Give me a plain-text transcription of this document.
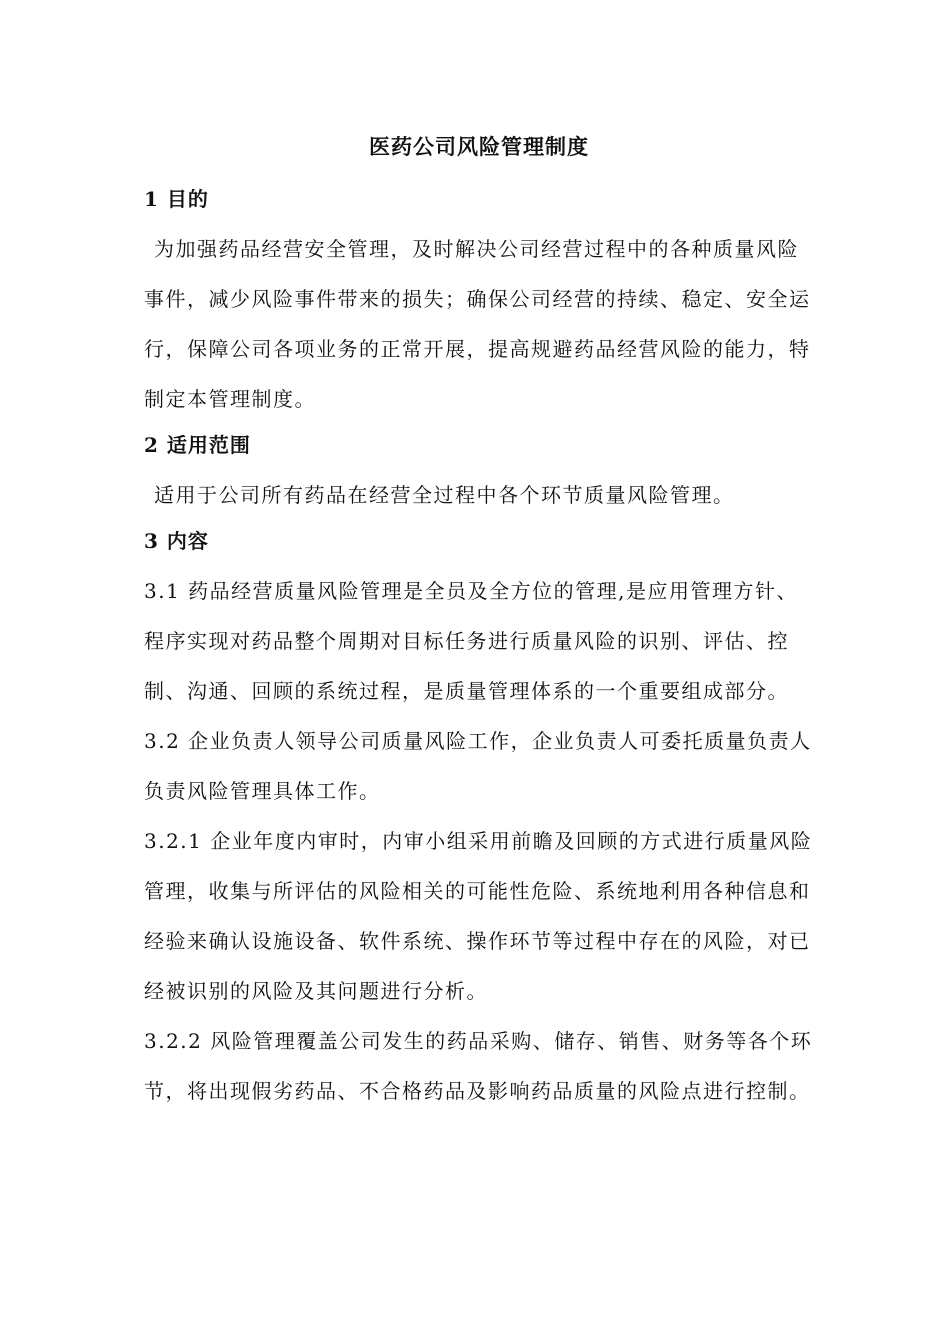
医药公司风险管理制度
1 目的

为加强药品经营安全管理，及时解决公司经营过程中的各种质量风险事件，减少风险事件带来的损失；确保公司经营的持续、稳定、安全运行，保障公司各项业务的正常开展，提高规避药品经营风险的能力，特制定本管理制度。

2 适用范围

适用于公司所有药品在经营全过程中各个环节质量风险管理。

3 内容

3.1 药品经营质量风险管理是全员及全方位的管理,是应用管理方针、程序实现对药品整个周期对目标任务进行质量风险的识别、评估、控制、沟通、回顾的系统过程，是质量管理体系的一个重要组成部分。

3.2 企业负责人领导公司质量风险工作，企业负责人可委托质量负责人负责风险管理具体工作。

3.2.1 企业年度内审时，内审小组采用前瞻及回顾的方式进行质量风险管理，收集与所评估的风险相关的可能性危险、系统地利用各种信息和经验来确认设施设备、软件系统、操作环节等过程中存在的风险，对已经被识别的风险及其问题进行分析。

3.2.2 风险管理覆盖公司发生的药品采购、储存、销售、财务等各个环节，将出现假劣药品、不合格药品及影响药品质量的风险点进行控制。
